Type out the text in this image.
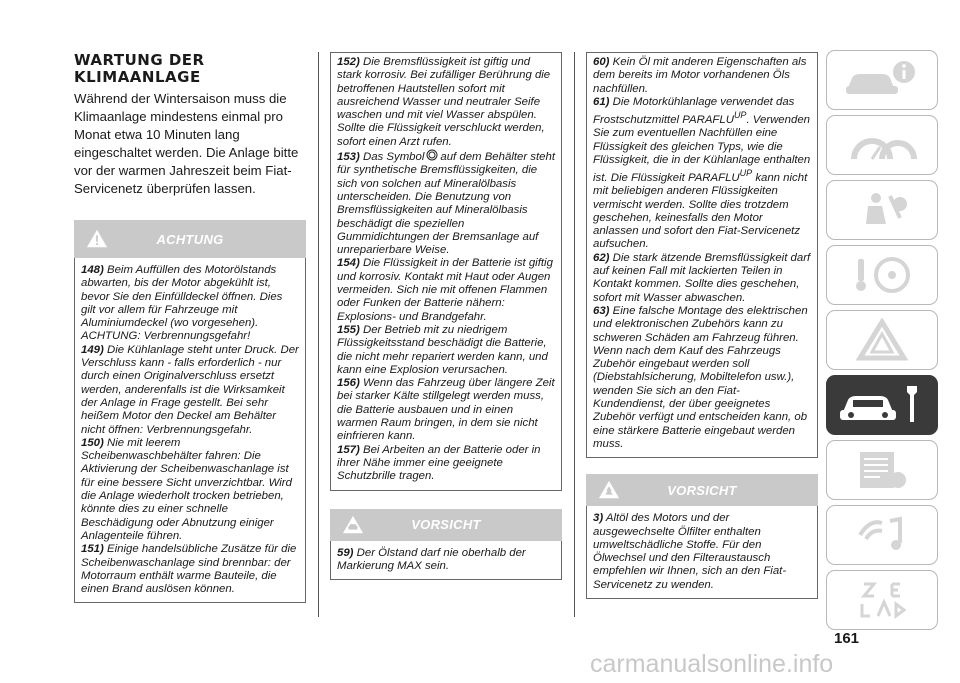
WARTUNG DER
KLIMAANLAGE
Während der Wintersaison muss die Klimaanlage mindestens einmal pro Monat etwa 10 Minuten lang eingeschaltet werden. Die Anlage bitte vor der warmen Jahreszeit beim Fiat-Servicenetz überprüfen lassen.
ACHTUNG

148) Beim Auffüllen des Motorölstands abwarten, bis der Motor abgekühlt ist, bevor Sie den Einfülldeckel öffnen. Dies gilt vor allem für Fahrzeuge mit Aluminiumdeckel (wo vorgesehen). ACHTUNG: Verbrennungsgefahr!

149) Die Kühlanlage steht unter Druck. Der Verschluss kann - falls erforderlich - nur durch einen Originalverschluss ersetzt werden, anderenfalls ist die Wirksamkeit der Anlage in Frage gestellt. Bei sehr heißem Motor den Deckel am Behälter nicht öffnen: Verbrennungsgefahr.

150) Nie mit leerem Scheibenwaschbehälter fahren: Die Aktivierung der Scheibenwaschanlage ist für eine bessere Sicht unverzichtbar. Wird die Anlage wiederholt trocken betrieben, könnte dies zu einer schnelle Beschädigung oder Abnutzung einiger Anlagenteile führen.

151) Einige handelsübliche Zusätze für die Scheibenwaschanlage sind brennbar: der Motorraum enthält warme Bauteile, die einen Brand auslösen können.

152) Die Bremsflüssigkeit ist giftig und stark korrosiv. Bei zufälliger Berührung die betroffenen Hautstellen sofort mit ausreichend Wasser und neutraler Seife waschen und mit viel Wasser abspülen. Sollte die Flüssigkeit verschluckt werden, sofort einen Arzt rufen.

153) Das Symbol auf dem Behälter steht für synthetische Bremsflüssigkeiten, die sich von solchen auf Mineralölbasis unterscheiden. Die Benutzung von Bremsflüssigkeiten auf Mineralölbasis beschädigt die speziellen Gummidichtungen der Bremsanlage auf unreparierbare Weise.

154) Die Flüssigkeit in der Batterie ist giftig und korrosiv. Kontakt mit Haut oder Augen vermeiden. Sich nie mit offenen Flammen oder Funken der Batterie nähern: Explosions- und Brandgefahr.

155) Der Betrieb mit zu niedrigem Flüssigkeitsstand beschädigt die Batterie, die nicht mehr repariert werden kann, und kann eine Explosion verursachen.

156) Wenn das Fahrzeug über längere Zeit bei starker Kälte stillgelegt werden muss, die Batterie ausbauen und in einen warmen Raum bringen, in dem sie nicht einfrieren kann.

157) Bei Arbeiten an der Batterie oder in ihrer Nähe immer eine geeignete Schutzbrille tragen.

VORSICHT

59) Der Ölstand darf nie oberhalb der Markierung MAX sein.

60) Kein Öl mit anderen Eigenschaften als dem bereits im Motor vorhandenen Öls nachfüllen.

61) Die Motorkühlanlage verwendet das Frostschutzmittel $PARAFLU^{UP}$. Verwenden Sie zum eventuellen Nachfüllen eine Flüssigkeit des gleichen Typs, wie die Flüssigkeit, die in der Kühlanlage enthalten ist. Die Flüssigkeit $PARAFLU^{UP}$ kann nicht mit beliebigen anderen Flüssigkeiten vermischt werden. Sollte dies trotzdem geschehen, keinesfalls den Motor anlassen und sofort den Fiat-Servicenetz aufsuchen.

62) Die stark ätzende Bremsflüssigkeit darf auf keinen Fall mit lackierten Teilen in Kontakt kommen. Sollte dies geschehen, sofort mit Wasser abwaschen.

63) Eine falsche Montage des elektrischen und elektronischen Zubehörs kann zu schweren Schäden am Fahrzeug führen. Wenn nach dem Kauf des Fahrzeugs Zubehör eingebaut werden soll (Diebstahlsicherung, Mobiltelefon usw.), wenden Sie sich an den Fiat-Kundendienst, der über geeignetes Zubehör verfügt und entscheiden kann, ob eine stärkere Batterie eingebaut werden muss.

VORSICHT

3) Altöl des Motors und der ausgewechselte Ölfilter enthalten umweltschädliche Stoffe. Für den Ölwechsel und den Filteraustausch empfehlen wir Ihnen, sich an den Fiat-Servicenetz zu wenden.

161
carmanualsonline.info
